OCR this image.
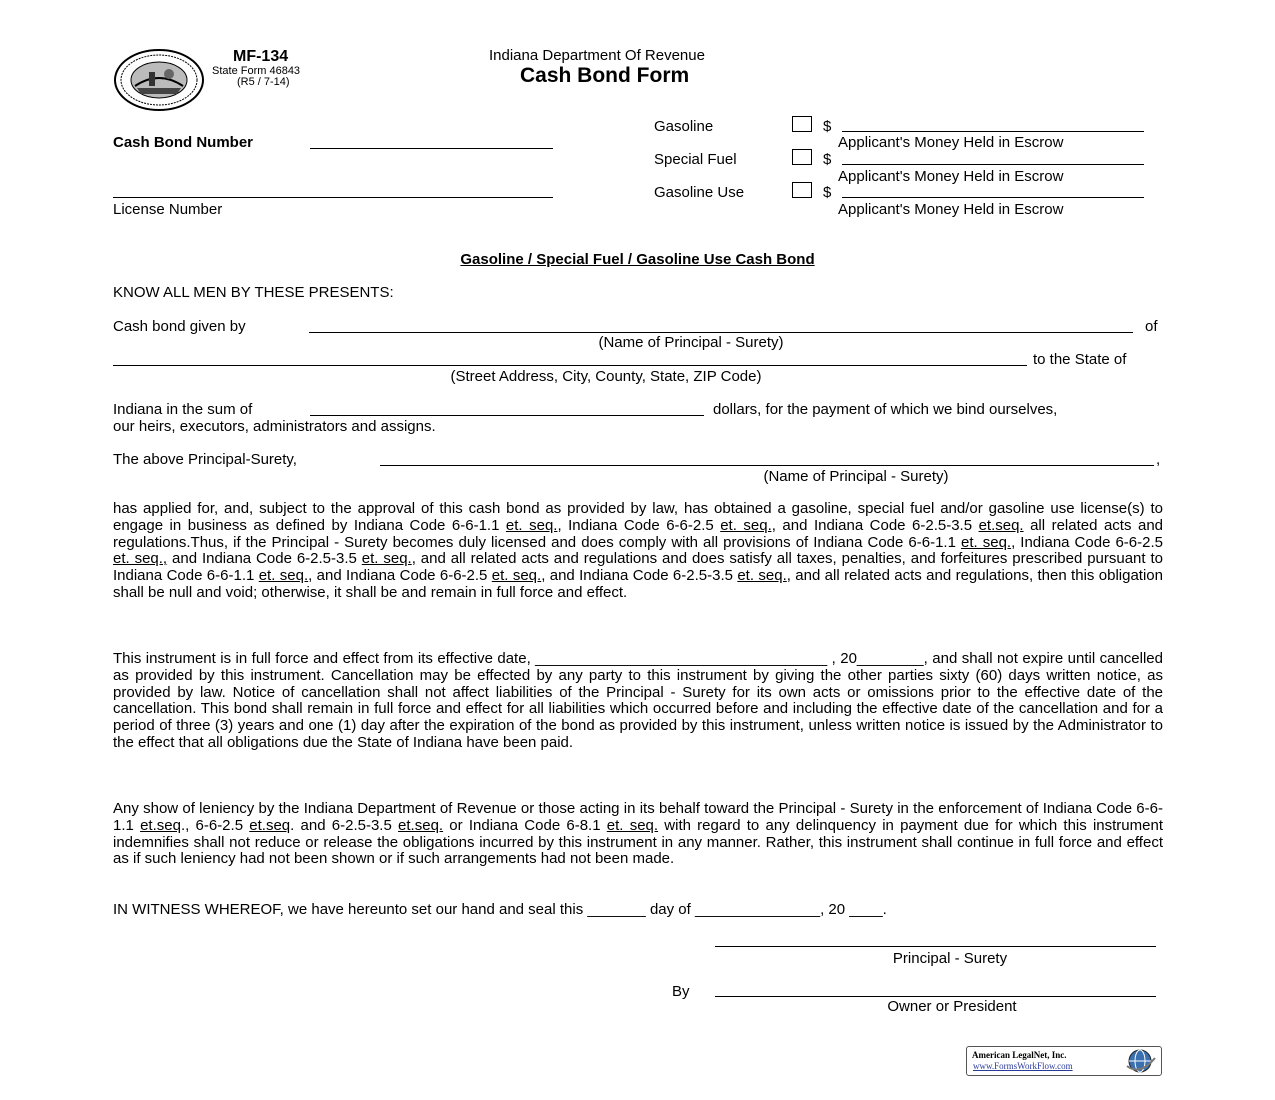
MF-134
State Form 46843
(R5 / 7-14)
Indiana Department Of Revenue
Cash Bond Form
Cash Bond Number
License Number
Gasoline	$
Applicant's Money Held in Escrow
Special Fuel	$
Applicant's Money Held in Escrow
Gasoline Use	$
Applicant's Money Held in Escrow
Gasoline / Special Fuel / Gasoline Use Cash Bond
KNOW ALL MEN BY THESE PRESENTS:
Cash bond given by	of
(Name of Principal - Surety)
to the State of
(Street Address, City, County, State, ZIP Code)
Indiana in the sum of	dollars, for the payment of which we bind ourselves,
our heirs, executors, administrators and assigns.
The above Principal-Surety,	,
(Name of Principal - Surety)
has applied for, and, subject to the approval of this cash bond as provided by law, has obtained a gasoline, special fuel and/or gasoline use license(s) to engage in business as defined by Indiana Code 6-6-1.1 et. seq., Indiana Code 6-6-2.5 et. seq., and Indiana Code 6-2.5-3.5 et.seq. all related acts and regulations.Thus, if the Principal - Surety becomes duly licensed and does comply with all provisions of Indiana Code 6-6-1.1 et. seq., Indiana Code 6-6-2.5 et. seq., and Indiana Code 6-2.5-3.5 et. seq., and all related acts and regulations and does satisfy all taxes, penalties, and forfeitures prescribed pursuant to Indiana Code 6-6-1.1 et. seq., and Indiana Code 6-6-2.5 et. seq., and Indiana Code 6-2.5-3.5 et. seq., and all related acts and regulations, then this obligation shall be null and void; otherwise, it shall be and remain in full force and effect.
This instrument is in full force and effect from its effective date, ___________________________________ , 20________, and shall not expire until cancelled as provided by this instrument. Cancellation may be effected by any party to this instrument by giving the other parties sixty (60) days written notice, as provided by law. Notice of cancellation shall not affect liabilities of the Principal - Surety for its own acts or omissions prior to the effective date of the cancellation. This bond shall remain in full force and effect for all liabilities which occurred before and including the effective date of the cancellation and for a period of three (3) years and one (1) day after the expiration of the bond as provided by this instrument, unless written notice is issued by the Administrator to the effect that all obligations due the State of Indiana have been paid.
Any show of leniency by the Indiana Department of Revenue or those acting in its behalf toward the Principal - Surety in the enforcement of Indiana Code 6-6-1.1 et.seq., 6-6-2.5 et.seq. and 6-2.5-3.5 et.seq. or Indiana Code 6-8.1 et. seq. with regard to any delinquency in payment due for which this instrument indemnifies shall not reduce or release the obligations incurred by this instrument in any manner. Rather, this instrument shall continue in full force and effect as if such leniency had not been shown or if such arrangements had not been made.
IN WITNESS WHEREOF, we have hereunto set our hand and seal this _______ day of _______________, 20 ____.
Principal - Surety
By
Owner or President
American LegalNet, Inc.
www.FormsWorkFlow.com
